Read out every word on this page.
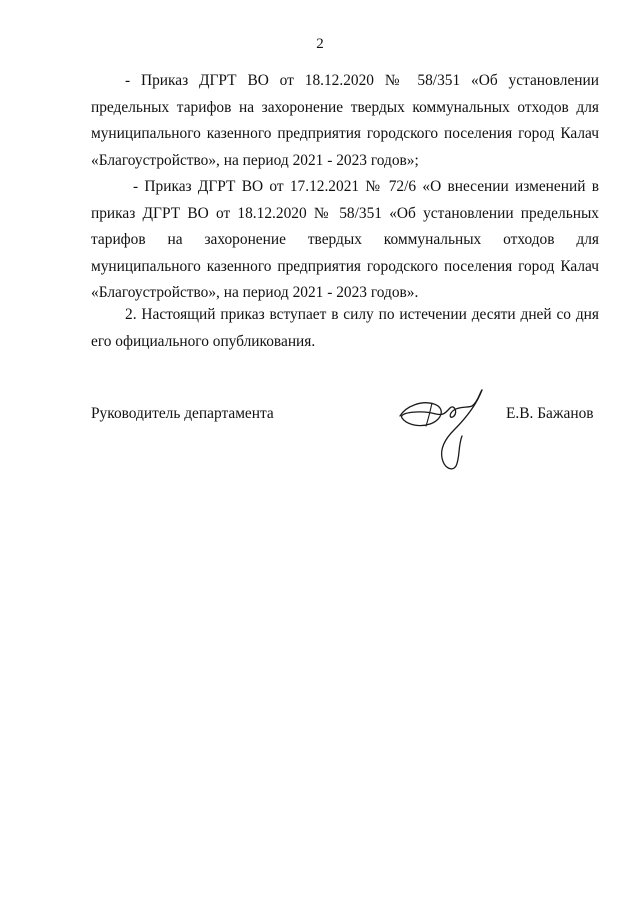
2

- Приказ ДГРТ ВО от 18.12.2020 № 58/351 «Об установлении предельных тарифов на захоронение твердых коммунальных отходов для муниципального казенного предприятия городского поселения город Калач «Благоустройство», на период 2021 - 2023 годов»;

- Приказ ДГРТ ВО от 17.12.2021 № 72/6 «О внесении изменений в приказ ДГРТ ВО от 18.12.2020 № 58/351 «Об установлении предельных тарифов на захоронение твердых коммунальных отходов для муниципального казенного предприятия городского поселения город Калач «Благоустройство», на период 2021 - 2023 годов».

2. Настоящий приказ вступает в силу по истечении десяти дней со дня его официального опубликования.

Руководитель департамента	Е.В. Бажанов
